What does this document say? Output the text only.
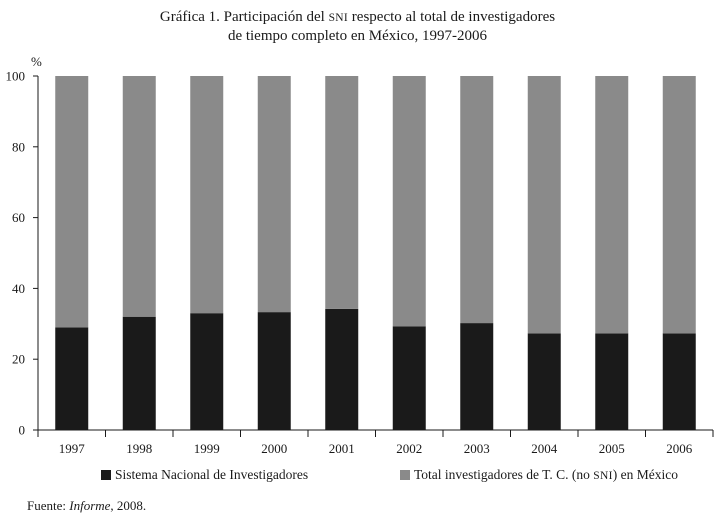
Gráfica 1. Participación del SNI respecto al total de investigadores
de tiempo completo en México, 1997-2006
%
1997	1998	1999	2000	2001	2002	2003	2004	2005	2006
0
20
40
60
80
100
Sistema Nacional de Investigadores	Total investigadores de T. C. (no SNI) en México
Fuente: Informe, 2008.
